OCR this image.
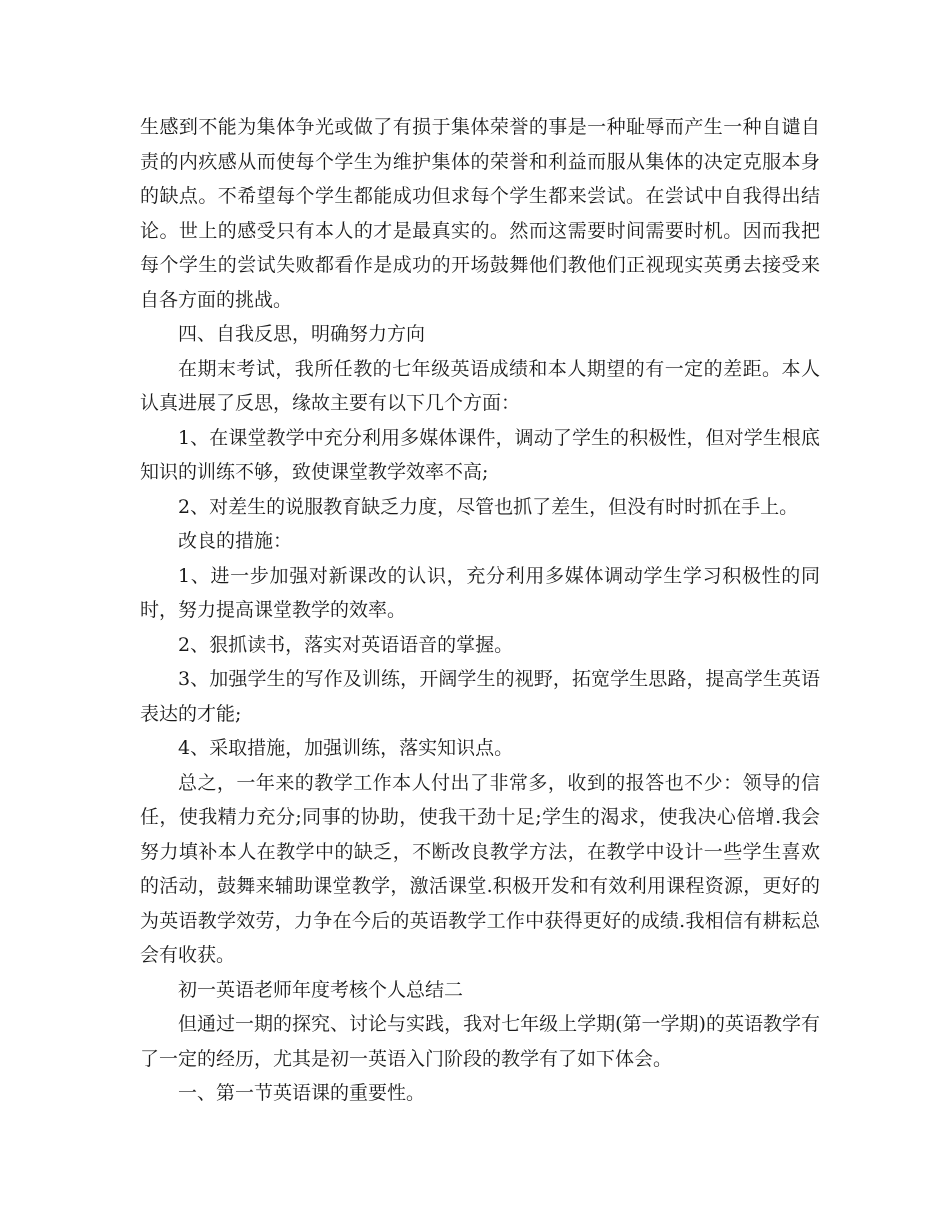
生感到不能为集体争光或做了有损于集体荣誉的事是一种耻辱而产生一种自谴自责的内疚感从而使每个学生为维护集体的荣誉和利益而服从集体的决定克服本身的缺点。不希望每个学生都能成功但求每个学生都来尝试。在尝试中自我得出结论。世上的感受只有本人的才是最真实的。然而这需要时间需要时机。因而我把每个学生的尝试失败都看作是成功的开场鼓舞他们教他们正视现实英勇去接受来自各方面的挑战。

四、自我反思，明确努力方向

在期末考试，我所任教的七年级英语成绩和本人期望的有一定的差距。本人认真进展了反思，缘故主要有以下几个方面：

1、在课堂教学中充分利用多媒体课件，调动了学生的积极性，但对学生根底知识的训练不够，致使课堂教学效率不高;

2、对差生的说服教育缺乏力度，尽管也抓了差生，但没有时时抓在手上。

改良的措施：

1、进一步加强对新课改的认识，充分利用多媒体调动学生学习积极性的同时，努力提高课堂教学的效率。

2、狠抓读书，落实对英语语音的掌握。

3、加强学生的写作及训练，开阔学生的视野，拓宽学生思路，提高学生英语表达的才能;

4、采取措施，加强训练，落实知识点。

总之，一年来的教学工作本人付出了非常多，收到的报答也不少：领导的信任，使我精力充分;同事的协助，使我干劲十足;学生的渴求，使我决心倍增.我会努力填补本人在教学中的缺乏，不断改良教学方法，在教学中设计一些学生喜欢的活动，鼓舞来辅助课堂教学，激活课堂.积极开发和有效利用课程资源，更好的为英语教学效劳，力争在今后的英语教学工作中获得更好的成绩.我相信有耕耘总会有收获。

初一英语老师年度考核个人总结二

但通过一期的探究、讨论与实践，我对七年级上学期(第一学期)的英语教学有了一定的经历，尤其是初一英语入门阶段的教学有了如下体会。

一、第一节英语课的重要性。
